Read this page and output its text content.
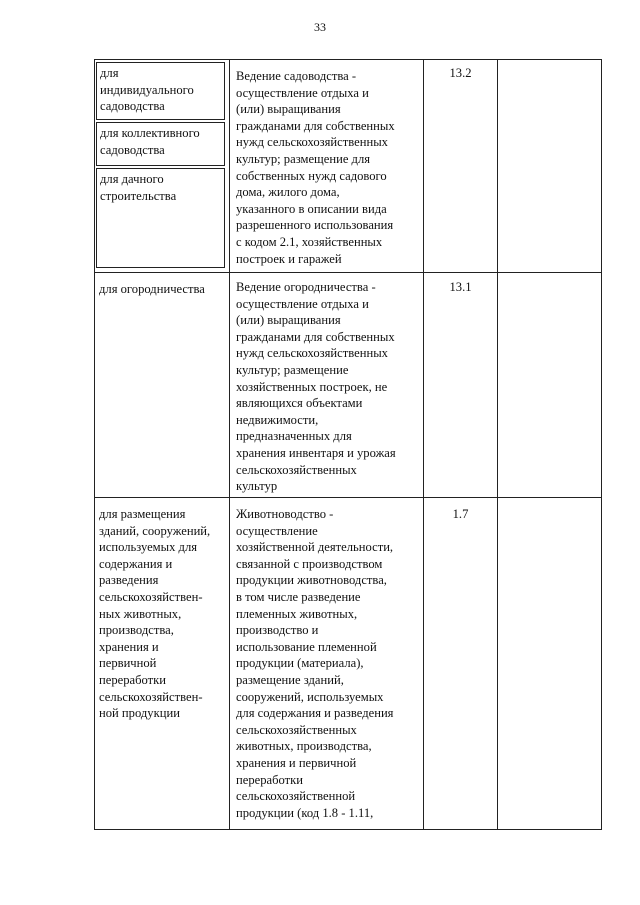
33
для
индивидуального
садоводства
для коллективного
садоводства
для дачного
строительства
Ведение садоводства -
осуществление отдыха и
(или) выращивания
гражданами для собственных
нужд сельскохозяйственных
культур; размещение для
собственных нужд садового
дома, жилого дома,
указанного в описании вида
разрешенного использования
с кодом 2.1, хозяйственных
построек и гаражей
13.2
для огородничества	Ведение огородничества -
осуществление отдыха и
(или) выращивания
гражданами для собственных
нужд сельскохозяйственных
культур; размещение
хозяйственных построек, не
являющихся объектами
недвижимости,
предназначенных для
хранения инвентаря и урожая
сельскохозяйственных
культур
13.1
для размещения
зданий, сооружений,
используемых для
содержания и
разведения
сельскохозяйствен-
ных животных,
производства,
хранения и
первичной
переработки
сельскохозяйствен-
ной продукции
Животноводство -
осуществление
хозяйственной деятельности,
связанной с производством
продукции животноводства,
в том числе разведение
племенных животных,
производство и
использование племенной
продукции (материала),
размещение зданий,
сооружений, используемых
для содержания и разведения
сельскохозяйственных
животных, производства,
хранения и первичной
переработки
сельскохозяйственной
продукции (код 1.8 - 1.11,
1.7
